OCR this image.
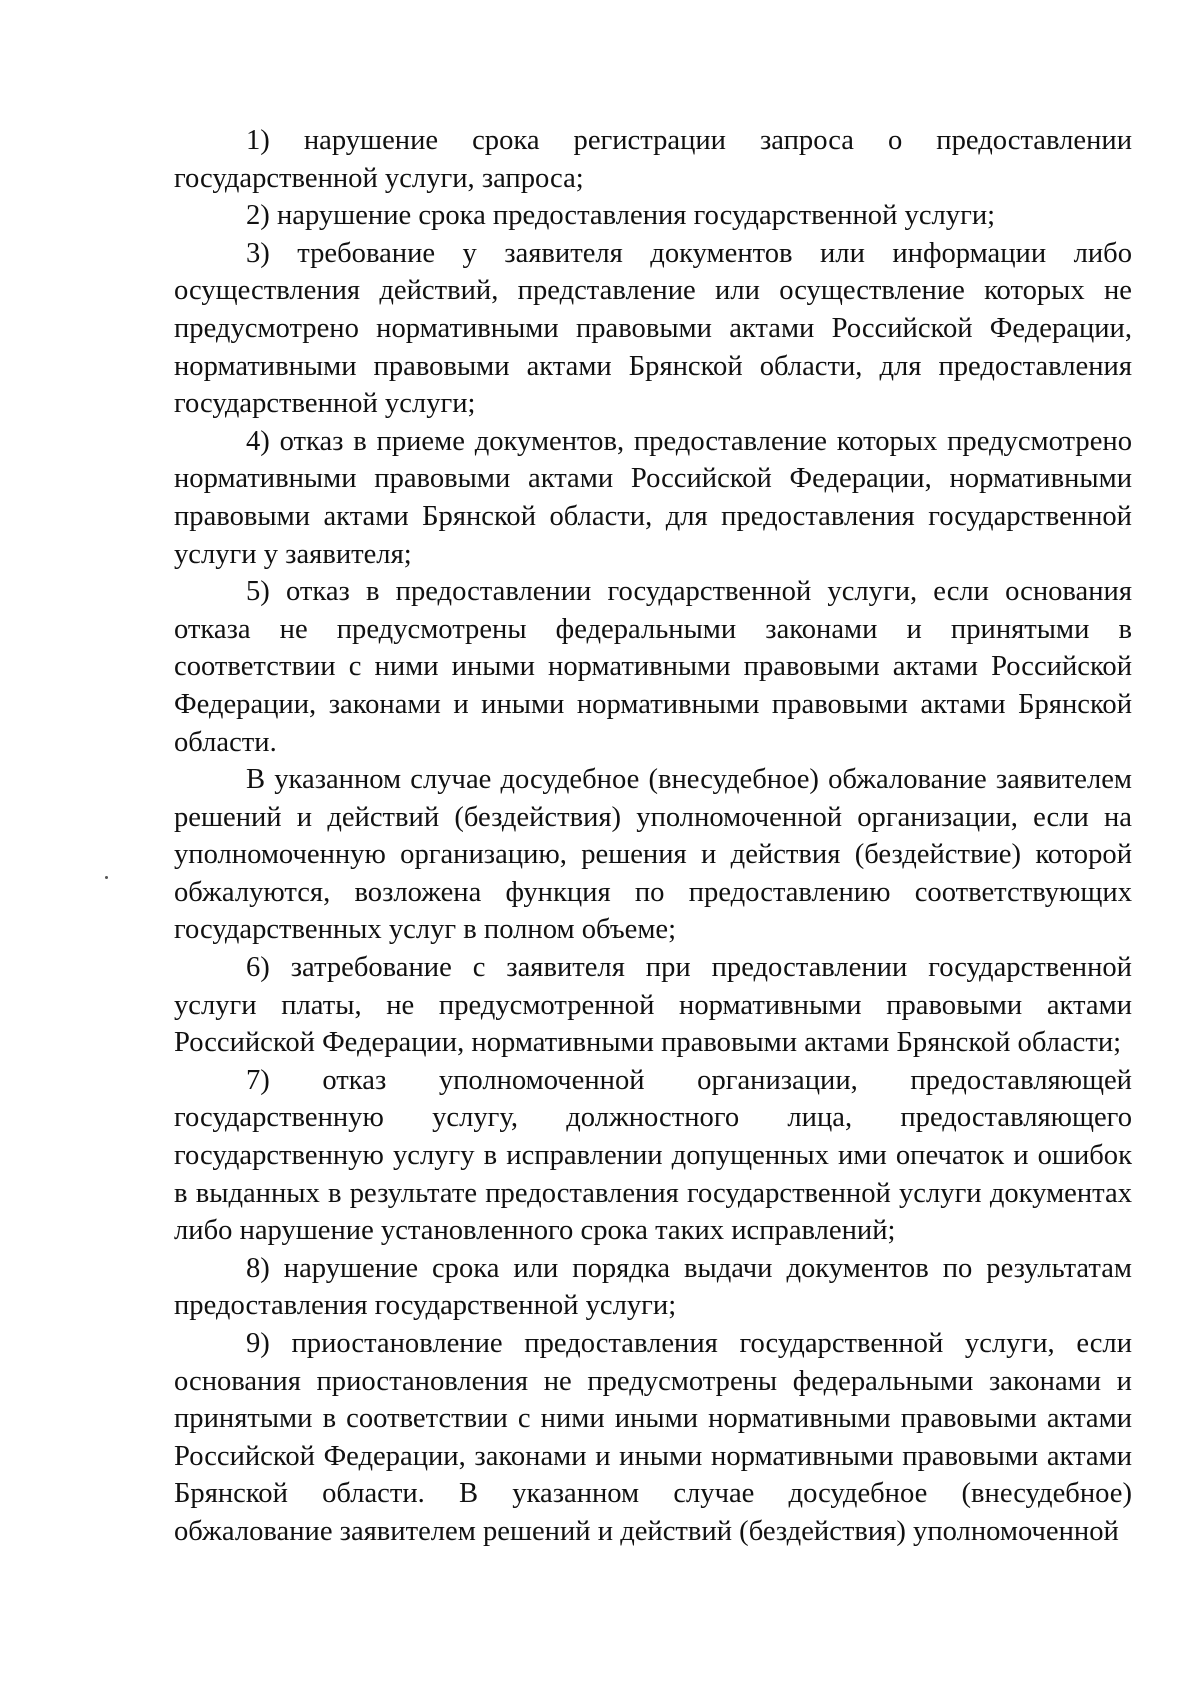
1) нарушение срока регистрации запроса о предоставлении государственной услуги, запроса;

2) нарушение срока предоставления государственной услуги;

3) требование у заявителя документов или информации либо осуществления действий, представление или осуществление которых не предусмотрено нормативными правовыми актами Российской Федерации, нормативными правовыми актами Брянской области, для предоставления государственной услуги;

4) отказ в приеме документов, предоставление которых предусмотрено нормативными правовыми актами Российской Федерации, нормативными правовыми актами Брянской области, для предоставления государственной услуги у заявителя;

5) отказ в предоставлении государственной услуги, если основания отказа не предусмотрены федеральными законами и принятыми в соответствии с ними иными нормативными правовыми актами Российской Федерации, законами и иными нормативными правовыми актами Брянской области.

В указанном случае досудебное (внесудебное) обжалование заявителем решений и действий (бездействия) уполномоченной организации, если на уполномоченную организацию, решения и действия (бездействие) которой обжалуются, возложена функция по предоставлению соответствующих государственных услуг в полном объеме;

6) затребование с заявителя при предоставлении государственной услуги платы, не предусмотренной нормативными правовыми актами Российской Федерации, нормативными правовыми актами Брянской области;

7) отказ уполномоченной организации, предоставляющей государственную услугу, должностного лица, предоставляющего государственную услугу в исправлении допущенных ими опечаток и ошибок в выданных в результате предоставления государственной услуги документах либо нарушение установленного срока таких исправлений;

8) нарушение срока или порядка выдачи документов по результатам предоставления государственной услуги;

9) приостановление предоставления государственной услуги, если основания приостановления не предусмотрены федеральными законами и принятыми в соответствии с ними иными нормативными правовыми актами Российской Федерации, законами и иными нормативными правовыми актами Брянской области. В указанном случае досудебное (внесудебное) обжалование заявителем решений и действий (бездействия) уполномоченной
